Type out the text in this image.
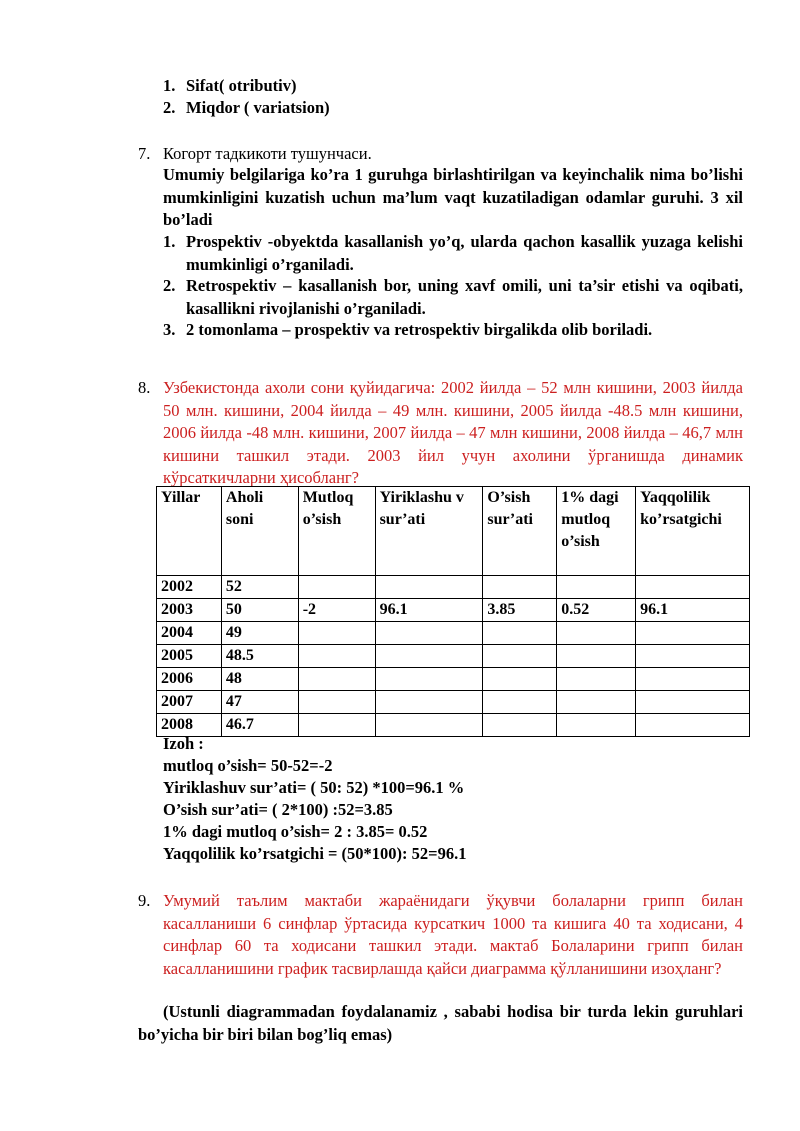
1. Sifat( otributiv)
2. Miqdor ( variatsion)
7. Когорт тадкикоти тушунчаси.
Umumiy belgilariga ko’ra 1 guruhga birlashtirilgan va keyinchalik nima bo’lishi mumkinligini kuzatish uchun ma’lum vaqt kuzatiladigan odamlar guruhi. 3 xil bo’ladi
1. Prospektiv -obyektda kasallanish yo’q, ularda qachon kasallik yuzaga kelishi mumkinligi o’rganiladi.
2. Retrospektiv – kasallanish bor, uning xavf omili, uni ta’sir etishi va oqibati, kasallikni rivojlanishi o’rganiladi.
3. 2 tomonlama – prospektiv va retrospektiv birgalikda olib boriladi.
8. Узбекистонда ахоли сони қуйидагича: 2002 йилда – 52 млн кишини, 2003 йилда 50 млн. кишини, 2004 йилда – 49 млн. кишини, 2005 йилда -48.5 млн кишини, 2006 йилда -48 млн. кишини, 2007 йилда – 47 млн кишини, 2008 йилда – 46,7 млн кишини ташкил этади. 2003 йил учун ахолини ўрганишда динамик кўрсаткичларни ҳисобланг?
Yillar	Aholi soni	Mutloq o’sish	Yiriklashu v sur’ati	O’sish sur’ati	1% dagi mutloq o’sish	Yaqqolilik ko’rsatgichi
2002	52					
2003	50	-2	96.1	3.85	0.52	96.1
2004	49					
2005	48.5					
2006	48					
2007	47					
2008	46.7					
Izoh :
mutloq o’sish= 50-52=-2
Yiriklashuv sur’ati= ( 50: 52) *100=96.1 %
O’sish sur’ati= ( 2*100) :52=3.85
1% dagi mutloq o’sish= 2 : 3.85= 0.52
Yaqqolilik ko’rsatgichi = (50*100): 52=96.1
9. Умумий таълим мактаби жараёнидаги ўқувчи болаларни грипп билан касалланиши 6 синфлар ўртасида курсаткич 1000 та кишига 40 та ходисани, 4 синфлар 60 та ходисани ташкил этади. мактаб Болаларини грипп билан касалланишини график тасвирлашда қайси диаграмма қўлланишини изоҳланг?
(Ustunli diagrammadan foydalanamiz , sababi hodisa bir turda lekin guruhlari bo’yicha bir biri bilan bog’liq emas)
